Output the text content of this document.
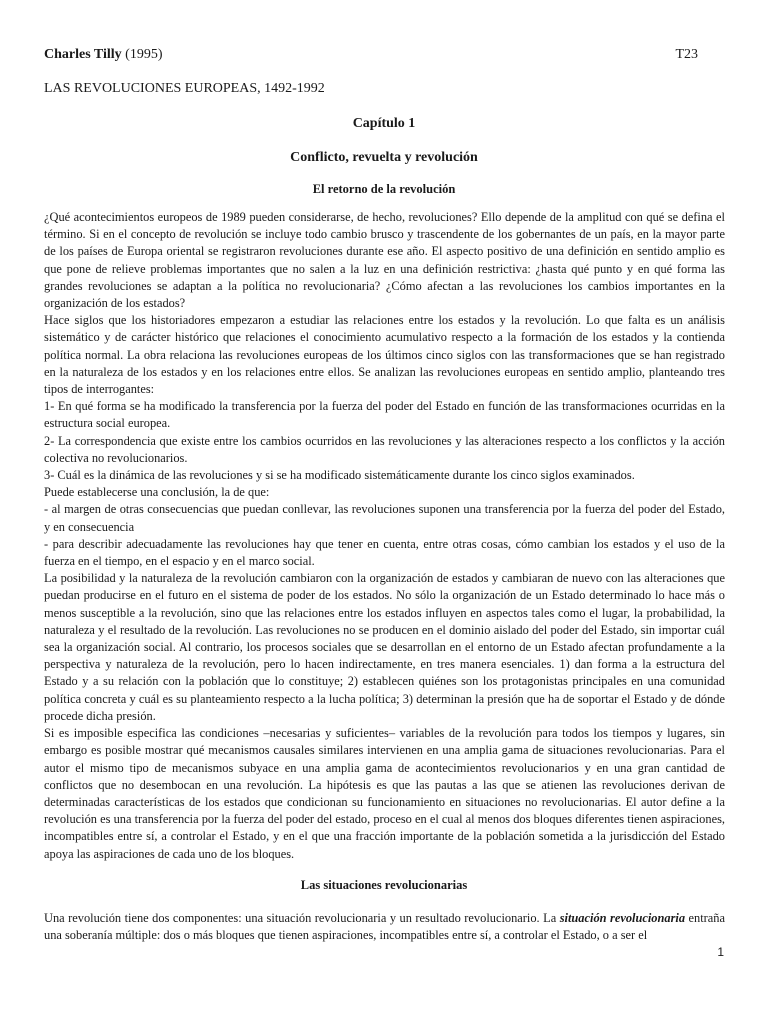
Charles Tilly (1995)	T23
LAS REVOLUCIONES EUROPEAS, 1492-1992
Capítulo 1
Conflicto, revuelta y revolución
El retorno de la revolución

¿Qué acontecimientos europeos de 1989 pueden considerarse, de hecho, revoluciones? Ello depende de la amplitud con qué se defina el término. Si en el concepto de revolución se incluye todo cambio brusco y trascendente de los gobernantes de un país, en la mayor parte de los países de Europa oriental se registraron revoluciones durante ese año. El aspecto positivo de una definición en sentido amplio es que pone de relieve problemas importantes que no salen a la luz en una definición restrictiva: ¿hasta qué punto y en qué forma las grandes revoluciones se adaptan a la política no revolucionaria? ¿Cómo afectan a las revoluciones los cambios importantes en la organización de los estados?

Hace siglos que los historiadores empezaron a estudiar las relaciones entre los estados y la revolución. Lo que falta es un análisis sistemático y de carácter histórico que relaciones el conocimiento acumulativo respecto a la formación de los estados y la contienda política normal. La obra relaciona las revoluciones europeas de los últimos cinco siglos con las transformaciones que se han registrado en la naturaleza de los estados y en los relaciones entre ellos. Se analizan las revoluciones europeas en sentido amplio, planteando tres tipos de interrogantes:

1- En qué forma se ha modificado la transferencia por la fuerza del poder del Estado en función de las transformaciones ocurridas en la estructura social europea.

2- La correspondencia que existe entre los cambios ocurridos en las revoluciones y las alteraciones respecto a los conflictos y la acción colectiva no revolucionarios.

3- Cuál es la dinámica de las revoluciones y si se ha modificado sistemáticamente durante los cinco siglos examinados.

Puede establecerse una conclusión, la de que:

- al margen de otras consecuencias que puedan conllevar, las revoluciones suponen una transferencia por la fuerza del poder del Estado, y en consecuencia

- para describir adecuadamente las revoluciones hay que tener en cuenta, entre otras cosas, cómo cambian los estados y el uso de la fuerza en el tiempo, en el espacio y en el marco social.

La posibilidad y la naturaleza de la revolución cambiaron con la organización de estados y cambiaran de nuevo con las alteraciones que puedan producirse en el futuro en el sistema de poder de los estados. No sólo la organización de un Estado determinado lo hace más o menos susceptible a la revolución, sino que las relaciones entre los estados influyen en aspectos tales como el lugar, la probabilidad, la naturaleza y el resultado de la revolución. Las revoluciones no se producen en el dominio aislado del poder del Estado, sin importar cuál sea la organización social. Al contrario, los procesos sociales que se desarrollan en el entorno de un Estado afectan profundamente a la perspectiva y naturaleza de la revolución, pero lo hacen indirectamente, en tres manera esenciales. 1) dan forma a la estructura del Estado y a su relación con la población que lo constituye; 2) establecen quiénes son los protagonistas principales en una comunidad política concreta y cuál es su planteamiento respecto a la lucha política; 3) determinan la presión que ha de soportar el Estado y de dónde procede dicha presión.

Si es imposible especifica las condiciones –necesarias y suficientes– variables de la revolución para todos los tiempos y lugares, sin embargo es posible mostrar qué mecanismos causales similares intervienen en una amplia gama de situaciones revolucionarias. Para el autor el mismo tipo de mecanismos subyace en una amplia gama de acontecimientos revolucionarios y en una gran cantidad de conflictos que no desembocan en una revolución. La hipótesis es que las pautas a las que se atienen las revoluciones derivan de determinadas características de los estados que condicionan su funcionamiento en situaciones no revolucionarias. El autor define a la revolución es una transferencia por la fuerza del poder del estado, proceso en el cual al menos dos bloques diferentes tienen aspiraciones, incompatibles entre sí, a controlar el Estado, y en el que una fracción importante de la población sometida a la jurisdicción del Estado apoya las aspiraciones de cada uno de los bloques.

Las situaciones revolucionarias

Una revolución tiene dos componentes: una situación revolucionaria y un resultado revolucionario. La situación revolucionaria entraña una soberanía múltiple: dos o más bloques que tienen aspiraciones, incompatibles entre sí, a controlar el Estado, o a ser el

1
